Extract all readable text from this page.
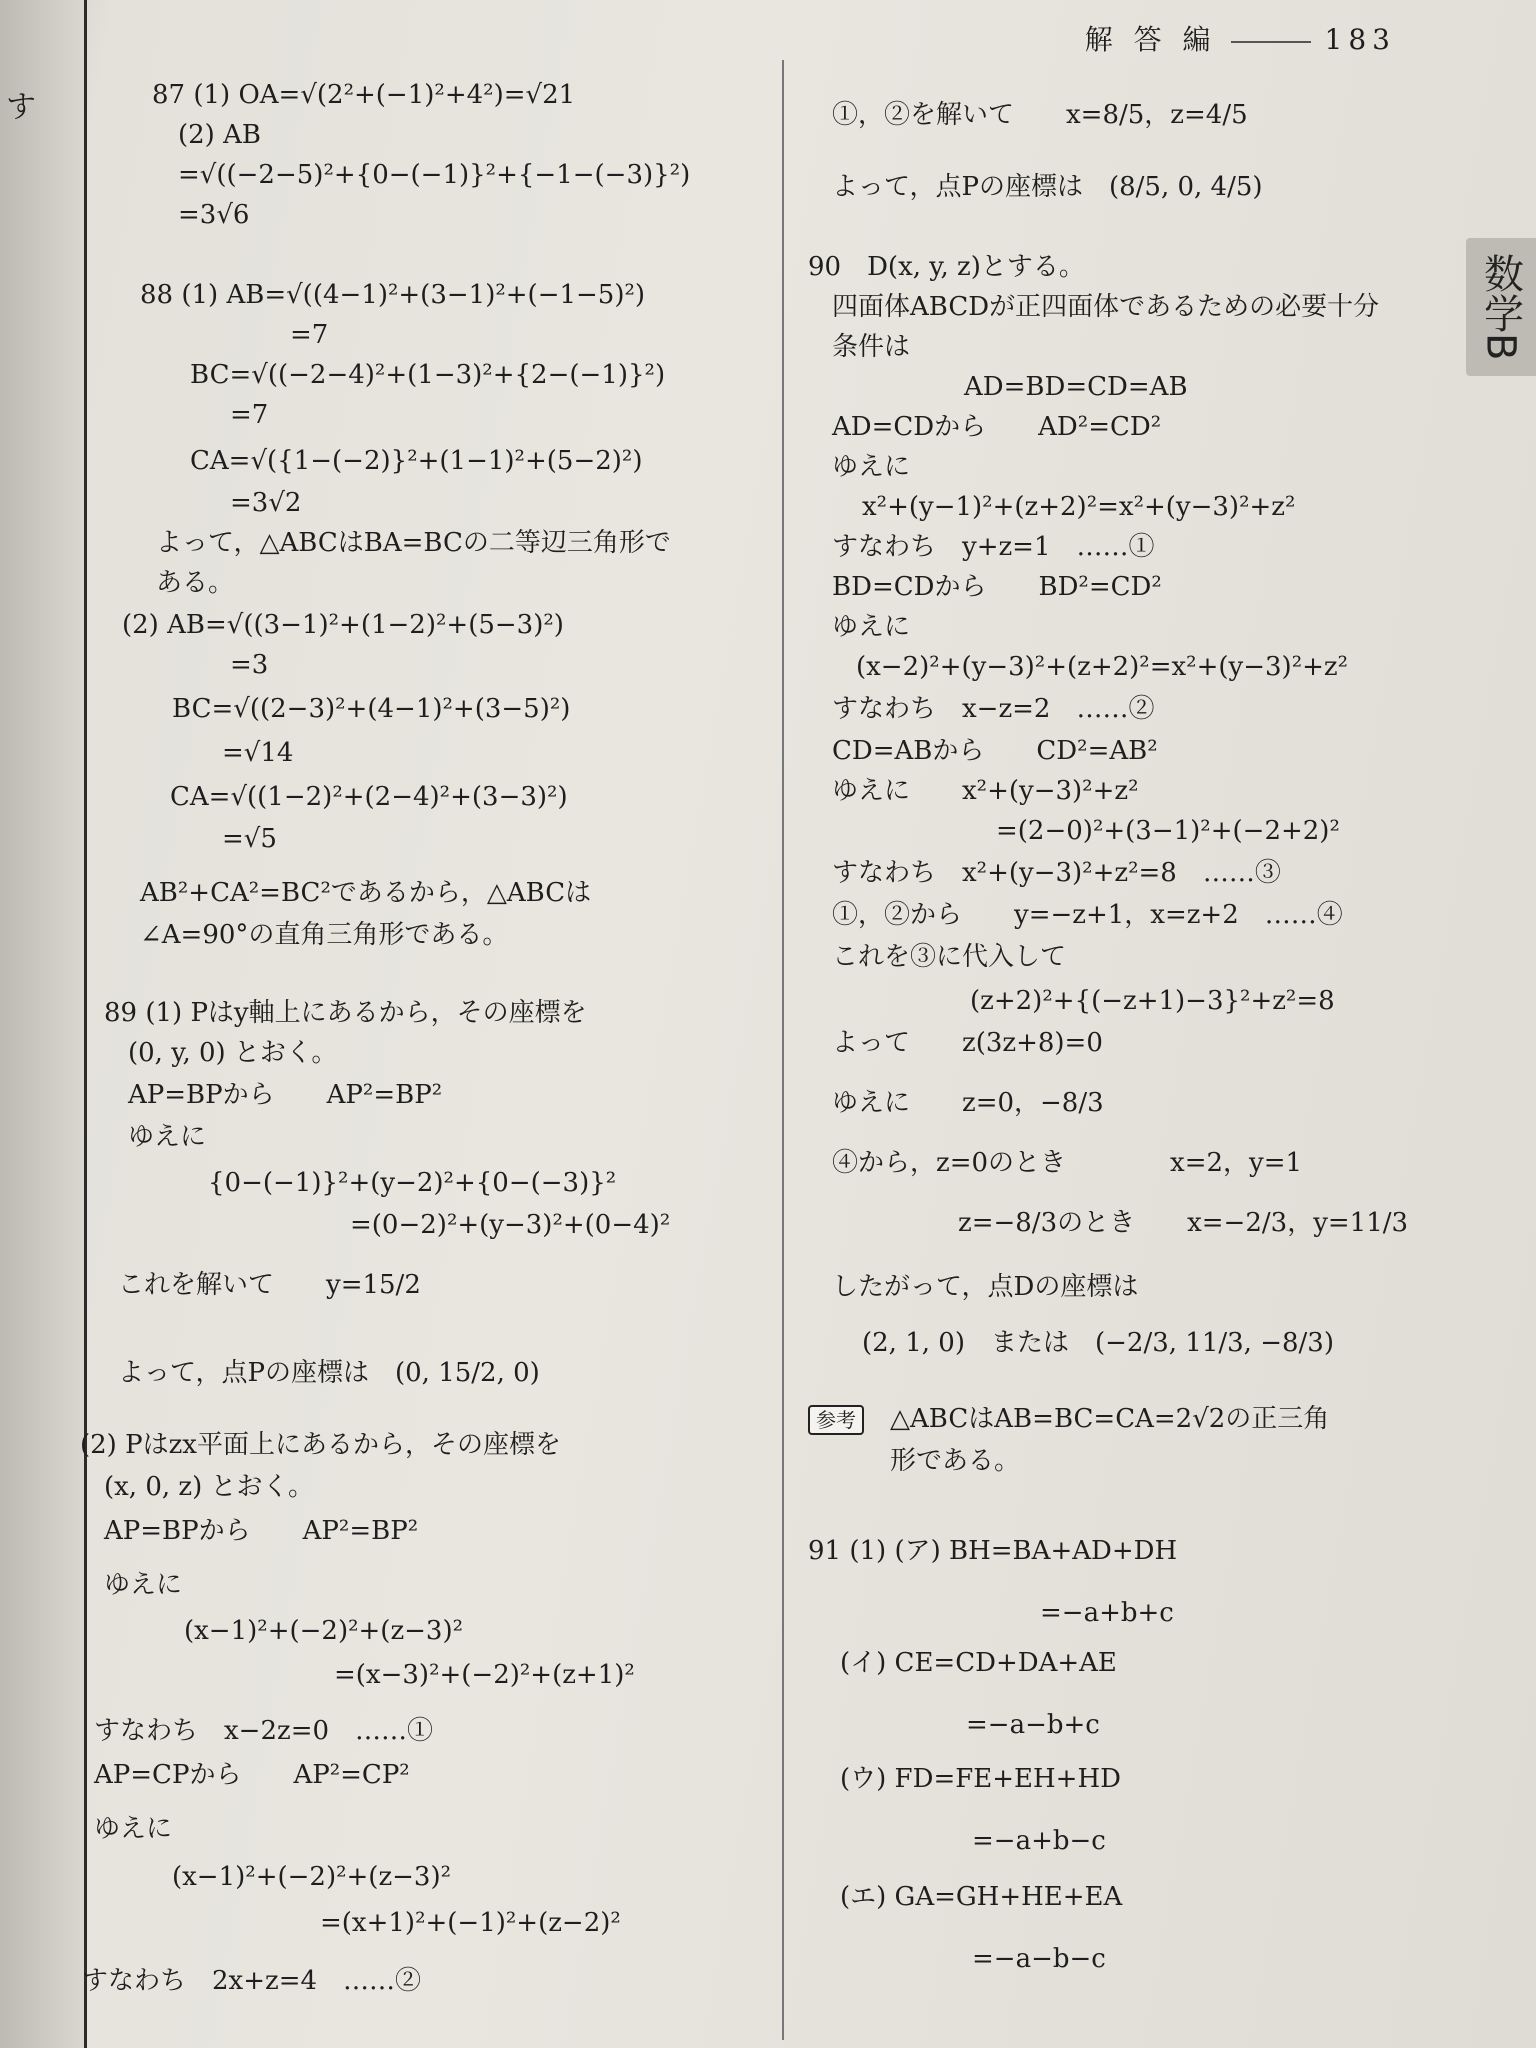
す
解 答 編	183
数学B
87 (1) OA=√(2²+(−1)²+4²)=√21
(2) AB
=√((−2−5)²+{0−(−1)}²+{−1−(−3)}²)
=3√6
88 (1) AB=√((4−1)²+(3−1)²+(−1−5)²)
=7
BC=√((−2−4)²+(1−3)²+{2−(−1)}²)
=7
CA=√({1−(−2)}²+(1−1)²+(5−2)²)
=3√2
よって，△ABCはBA=BCの二等辺三角形で
ある。
(2) AB=√((3−1)²+(1−2)²+(5−3)²)
=3
BC=√((2−3)²+(4−1)²+(3−5)²)
=√14
CA=√((1−2)²+(2−4)²+(3−3)²)
=√5
AB²+CA²=BC²であるから，△ABCは
∠A=90°の直角三角形である。
89 (1) Pはy軸上にあるから，その座標を
(0, y, 0) とおく。
AP=BPから　　AP²=BP²
ゆえに
{0−(−1)}²+(y−2)²+{0−(−3)}²
=(0−2)²+(y−3)²+(0−4)²
これを解いて　　y=15/2
よって，点Pの座標は　(0, 15/2, 0)
(2) Pはzx平面上にあるから，その座標を
(x, 0, z) とおく。
AP=BPから　　AP²=BP²
ゆえに
(x−1)²+(−2)²+(z−3)²
=(x−3)²+(−2)²+(z+1)²
すなわち　x−2z=0　……①
AP=CPから　　AP²=CP²
ゆえに
(x−1)²+(−2)²+(z−3)²
=(x+1)²+(−1)²+(z−2)²
すなわち　2x+z=4　……②
①，②を解いて　　x=8/5，z=4/5
よって，点Pの座標は　(8/5, 0, 4/5)
90　D(x, y, z)とする。
四面体ABCDが正四面体であるための必要十分
条件は
AD=BD=CD=AB
AD=CDから　　AD²=CD²
ゆえに
x²+(y−1)²+(z+2)²=x²+(y−3)²+z²
すなわち　y+z=1　……①
BD=CDから　　BD²=CD²
ゆえに
(x−2)²+(y−3)²+(z+2)²=x²+(y−3)²+z²
すなわち　x−z=2　……②
CD=ABから　　CD²=AB²
ゆえに　　x²+(y−3)²+z²
=(2−0)²+(3−1)²+(−2+2)²
すなわち　x²+(y−3)²+z²=8　……③
①，②から　　y=−z+1，x=z+2　……④
これを③に代入して
(z+2)²+{(−z+1)−3}²+z²=8
よって　　z(3z+8)=0
ゆえに　　z=0，−8/3
④から，z=0のとき　　　　x=2，y=1
z=−8/3のとき　　x=−2/3，y=11/3
したがって，点Dの座標は
(2, 1, 0)　または　(−2/3, 11/3, −8/3)
参考　 △ABCはAB=BC=CA=2√2の正三角
形である。
91 (1) (ア) BH=BA+AD+DH
=−a+b+c
(イ) CE=CD+DA+AE
=−a−b+c
(ウ) FD=FE+EH+HD
=−a+b−c
(エ) GA=GH+HE+EA
=−a−b−c
